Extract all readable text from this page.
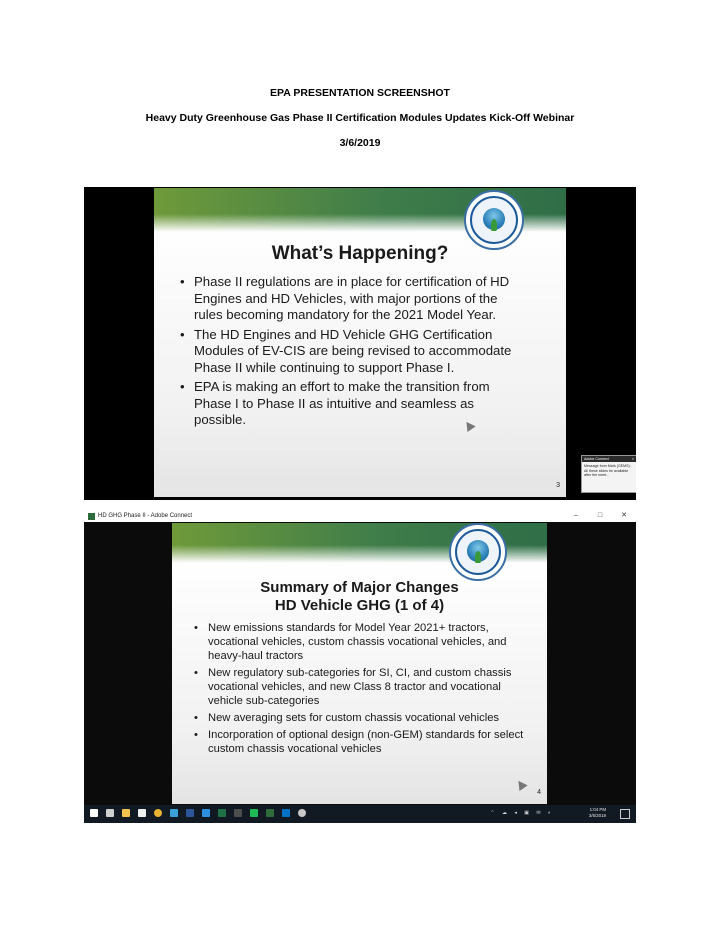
EPA PRESENTATION SCREENSHOT
Heavy Duty Greenhouse Gas Phase II Certification Modules Updates Kick-Off Webinar
3/6/2019
What’s Happening?
• Phase II regulations are in place for certification of HD Engines and HD Vehicles, with major portions of the rules becoming mandatory for the 2021 Model Year.
• The HD Engines and HD Vehicle GHG Certification Modules of EV-CIS are being revised to accommodate Phase II while continuing to support Phase I.
• EPA is making an effort to make the transition from Phase I to Phase II as intuitive and seamless as possible.
3
Adobe Connect	×
Message from Mark (GEMS): All these slides be available after the meet...
HD GHG Phase II - Adobe Connect	–	□	✕
Summary of Major Changes
HD Vehicle GHG (1 of 4)
• New emissions standards for Model Year 2021+ tractors, vocational vehicles, custom chassis vocational vehicles, and heavy-haul tractors
• New regulatory sub-categories for SI, CI, and custom chassis vocational vehicles, and new Class 8 tractor and vocational vehicle sub-categories
• New averaging sets for custom chassis vocational vehicles
• Incorporation of optional design (non-GEM) standards for select custom chassis vocational vehicles
4
⌃ ☁ ◂ ▣ ✉ ◐
1:04 PM
3/6/2019
